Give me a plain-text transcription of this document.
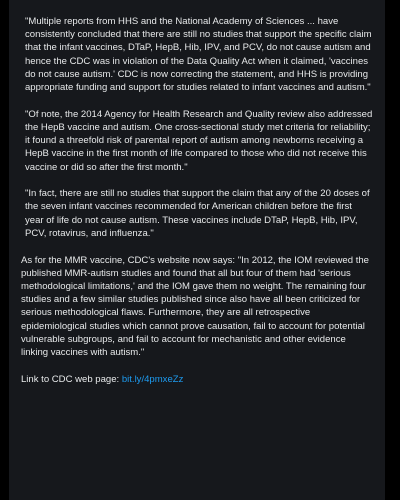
"Multiple reports from HHS and the National Academy of Sciences ... have consistently concluded that there are still no studies that support the specific claim that the infant vaccines, DTaP, HepB, Hib, IPV, and PCV, do not cause autism and hence the CDC was in violation of the Data Quality Act when it claimed, 'vaccines do not cause autism.' CDC is now correcting the statement, and HHS is providing appropriate funding and support for studies related to infant vaccines and autism."

"Of note, the 2014 Agency for Health Research and Quality review also addressed the HepB vaccine and autism. One cross-sectional study met criteria for reliability; it found a threefold risk of parental report of autism among newborns receiving a HepB vaccine in the first month of life compared to those who did not receive this vaccine or did so after the first month."

"In fact, there are still no studies that support the claim that any of the 20 doses of the seven infant vaccines recommended for American children before the first year of life do not cause autism. These vaccines include DTaP, HepB, Hib, IPV, PCV, rotavirus, and influenza."

As for the MMR vaccine, CDC's website now says: "In 2012, the IOM reviewed the published MMR-autism studies and found that all but four of them had 'serious methodological limitations,' and the IOM gave them no weight. The remaining four studies and a few similar studies published since also have all been criticized for serious methodological flaws. Furthermore, they are all retrospective epidemiological studies which cannot prove causation, fail to account for potential vulnerable subgroups, and fail to account for mechanistic and other evidence linking vaccines with autism."

Link to CDC web page: bit.ly/4pmxeZz
